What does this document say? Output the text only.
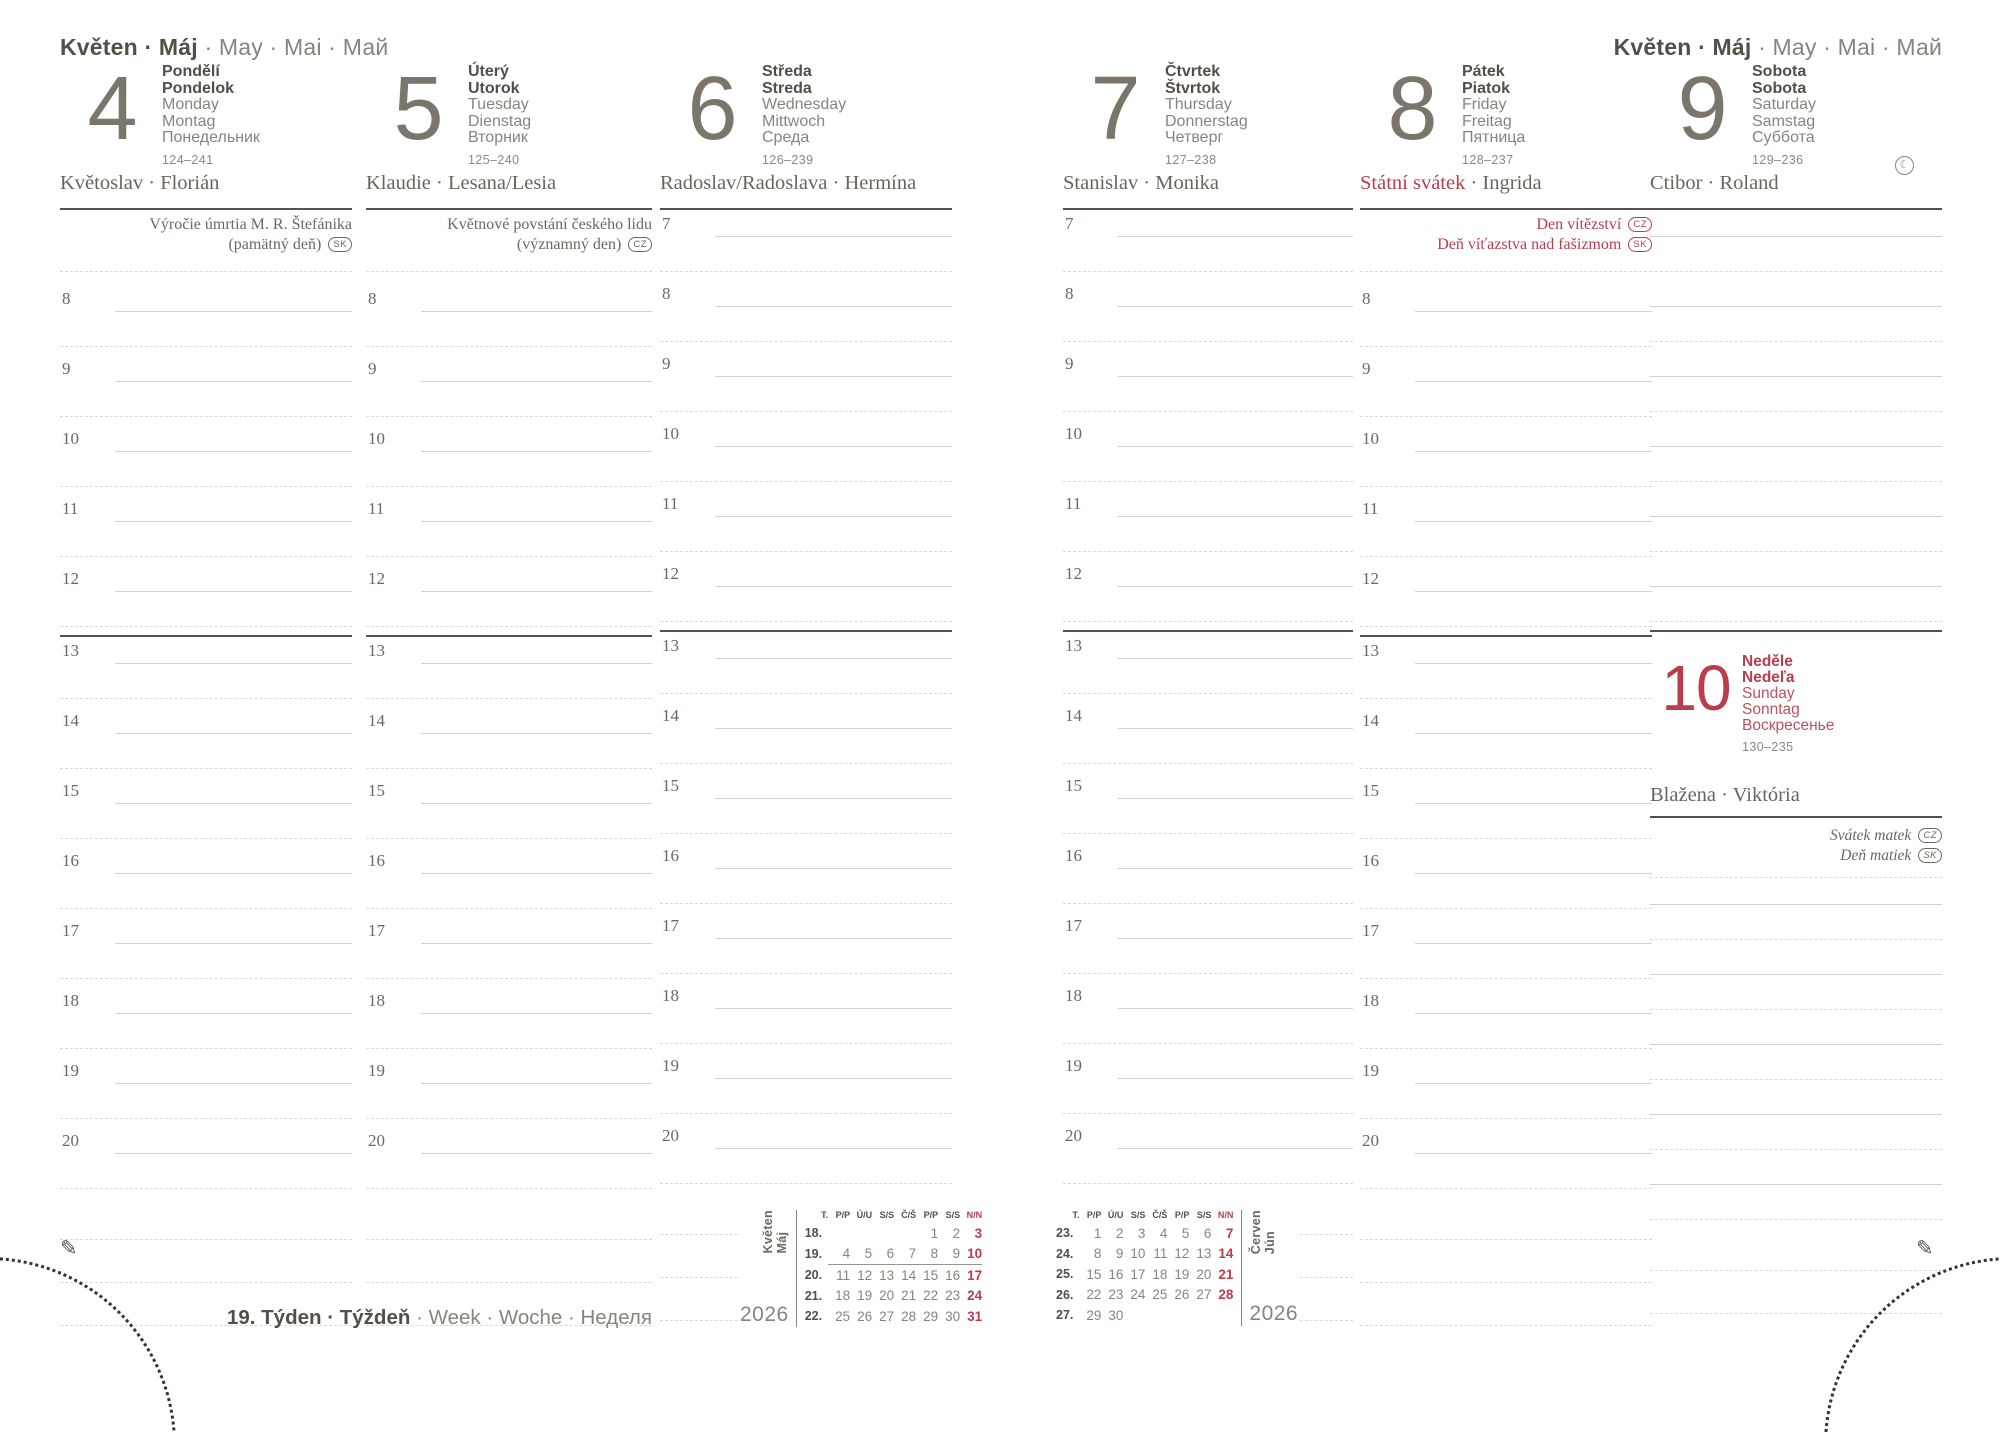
Květen · Máj · May · Mai · Май	Květen · Máj · May · Mai · Май
4	Pondělí
Pondelok
Monday
Montag
Понедельник
124–241
Květoslav · Florián
Výročie úmrtia M. R. Štefánika
(pamätný deň) SK
8
9
10
11
12
13
14
15
16
17
18
19
20
5	Úterý
Utorok
Tuesday
Dienstag
Вторник
125–240
Klaudie · Lesana/Lesia
Květnové povstání českého lidu
(významný den) CZ
8
9
10
11
12
13
14
15
16
17
18
19
20
6	Středa
Streda
Wednesday
Mittwoch
Среда
126–239
Radoslav/Radoslava · Hermína
7
8
9
10
11
12
13
14
15
16
17
18
19
20
7	Čtvrtek
Štvrtok
Thursday
Donnerstag
Четверг
127–238
Stanislav · Monika
7
8
9
10
11
12
13
14
15
16
17
18
19
20
8	Pátek
Piatok
Friday
Freitag
Пятница
128–237
Státní svátek · Ingrida
Den vítězství CZ
Deň víťazstva nad fašizmom SK
8
9
10
11
12
13
14
15
16
17
18
19
20
9	Sobota
Sobota
Saturday
Samstag
Суббота
129–236	☾
Ctibor · Roland
10 Neděle
Nedeľa
Sunday
Sonntag
Воскресенье
130–235
Blažena · Viktória
Svátek matek CZ
Deň matiek SK
Květen Máj
2026
T.	P/P	Ú/U	S/S	Č/Š	P/P	S/S	N/N
18.					1	2	3
19.	4	5	6	7	8	9	10
20.	11	12	13	14	15	16	17
21.	18	19	20	21	22	23	24
22.	25	26	27	28	29	30	31
T.	P/P	Ú/U	S/S	Č/Š	P/P	S/S	N/N
23.	1	2	3	4	5	6	7
24.	8	9	10	11	12	13	14
25.	15	16	17	18	19	20	21
26.	22	23	24	25	26	27	28
27.	29	30					
Červen Jún
2026
19. Týden · Týždeň · Week · Woche · Неделя
✎	✎
